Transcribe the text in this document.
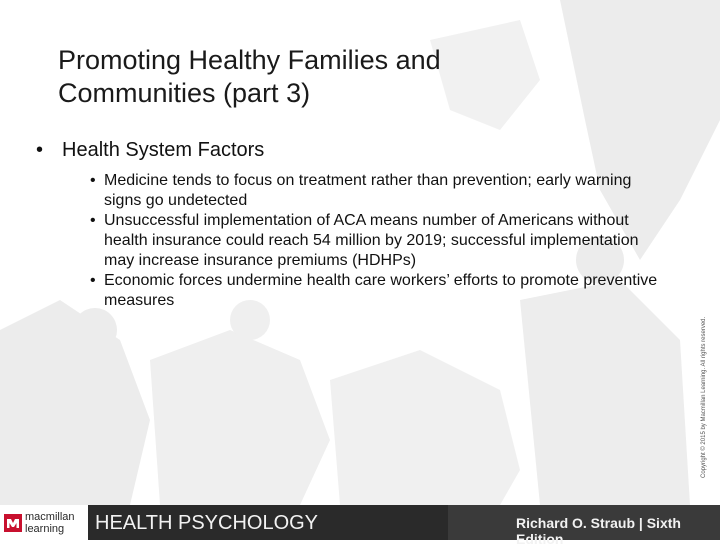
Promoting Healthy Families and
Communities (part 3)
• Health System Factors
• Medicine tends to focus on treatment rather than prevention; early warning signs go undetected
• Unsuccessful implementation of ACA means number of Americans without health insurance could reach 54 million by 2019; successful implementation may increase insurance premiums (HDHPs)
• Economic forces undermine health care workers’ efforts to promote preventive measures
Copyright © 2015 by Macmillan Learning. All rights reserved.
macmillan
learning	HEALTH PSYCHOLOGY	Richard O. Straub | Sixth Edition
